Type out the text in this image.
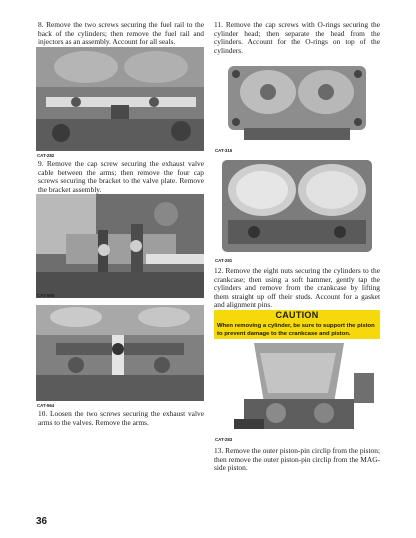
8. Remove the two screws securing the fuel rail to the back of the cylinders; then remove the fuel rail and injectors as an assembly. Account for all seals.
CAT-282
9. Remove the cap screw securing the exhaust valve cable between the arms; then remove the four cap screws securing the bracket to the valve plate. Remove the bracket assembly.
CAT-568
CAT-564
10. Loosen the two screws securing the exhaust valve arms to the valves. Remove the arms.
11. Remove the cap screws with O-rings securing the cylinder head; then separate the head from the cylinders. Account for the O-rings on top of the cylinders.
CAT-315
CAT-281
12. Remove the eight nuts securing the cylinders to the crankcase; then using a soft hammer, gently tap the cylinders and remove from the crankcase by lifting them straight up off their studs. Account for a gasket and alignment pins.
CAUTION
When removing a cylinder, be sure to support the piston to prevent damage to the crankcase and piston.
CAT-283
13. Remove the outer piston-pin circlip from the piston; then remove the outer piston-pin circlip from the MAG-side piston.
36
